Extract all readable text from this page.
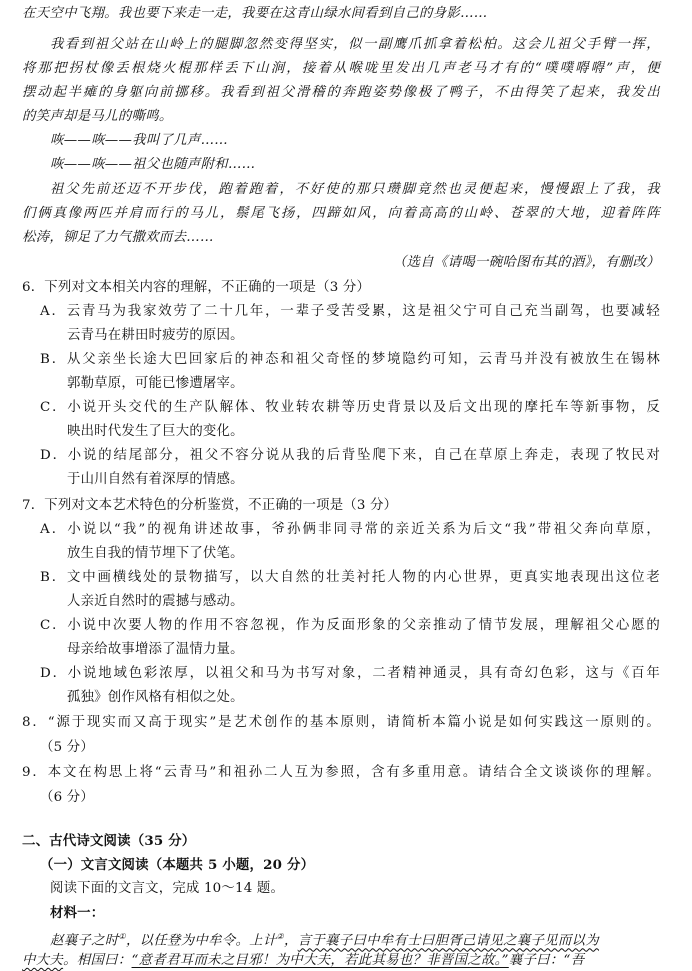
在天空中飞翔。我也要下来走一走，我要在这青山绿水间看到自己的身影……
我看到祖父站在山岭上的腿脚忽然变得坚实，似一副鹰爪抓拿着松柏。这会儿祖父手臂一挥，
将那把拐杖像丢根烧火棍那样丢下山涧，接着从喉咙里发出几声老马才有的“噗噗嘚嘚”声，便
摆动起半瘫的身躯向前挪移。我看到祖父滑稽的奔跑姿势像极了鸭子，不由得笑了起来，我发出
的笑声却是马儿的嘶鸣。
咴——咴——我叫了几声……
咴——咴——祖父也随声附和……
祖父先前还迈不开步伐，跑着跑着，不好使的那只瓒脚竟然也灵便起来，慢慢跟上了我，我
们俩真像两匹并肩而行的马儿，鬃尾飞扬，四蹄如风，向着高高的山岭、苍翠的大地，迎着阵阵
松涛，铆足了力气撒欢而去……
（选自《请喝一碗哈图布其的酒》，有删改）
6．下列对文本相关内容的理解，不正确的一项是（3 分）
A．云青马为我家效劳了二十几年，一辈子受苦受累，这是祖父宁可自己充当副驾，也要减轻
云青马在耕田时疲劳的原因。
B．从父亲坐长途大巴回家后的神态和祖父奇怪的梦境隐约可知，云青马并没有被放生在锡林
郭勒草原，可能已惨遭屠宰。
C．小说开头交代的生产队解体、牧业转农耕等历史背景以及后文出现的摩托车等新事物，反
映出时代发生了巨大的变化。
D．小说的结尾部分，祖父不容分说从我的后背坠爬下来，自己在草原上奔走，表现了牧民对
于山川自然有着深厚的情感。
7．下列对文本艺术特色的分析鉴赏，不正确的一项是（3 分）
A．小说以“我”的视角讲述故事，爷孙俩非同寻常的亲近关系为后文“我”带祖父奔向草原，
放生自我的情节埋下了伏笔。
B．文中画横线处的景物描写，以大自然的壮美衬托人物的内心世界，更真实地表现出这位老
人亲近自然时的震撼与感动。
C．小说中次要人物的作用不容忽视，作为反面形象的父亲推动了情节发展，理解祖父心愿的
母亲给故事增添了温情力量。
D．小说地域色彩浓厚，以祖父和马为书写对象，二者精神通灵，具有奇幻色彩，这与《百年
孤独》创作风格有相似之处。
8．“源于现实而又高于现实”是艺术创作的基本原则，请简析本篇小说是如何实践这一原则的。
（5 分）
9．本文在构思上将“云青马”和祖孙二人互为参照，含有多重用意。请结合全文谈谈你的理解。
（6 分）
二、古代诗文阅读（35 分）
（一）文言文阅读（本题共 5 小题，20 分）
阅读下面的文言文，完成 10～14 题。
材料一：
赵襄子之时①，以任登为中牟令。上计②，言于襄子曰中牟有士曰胆胥己请见之襄子见而以为
中大夫。相国曰：“意者君耳而未之目邪！为中大夫，若此其易也？非晋国之故。”襄子曰：“吾
